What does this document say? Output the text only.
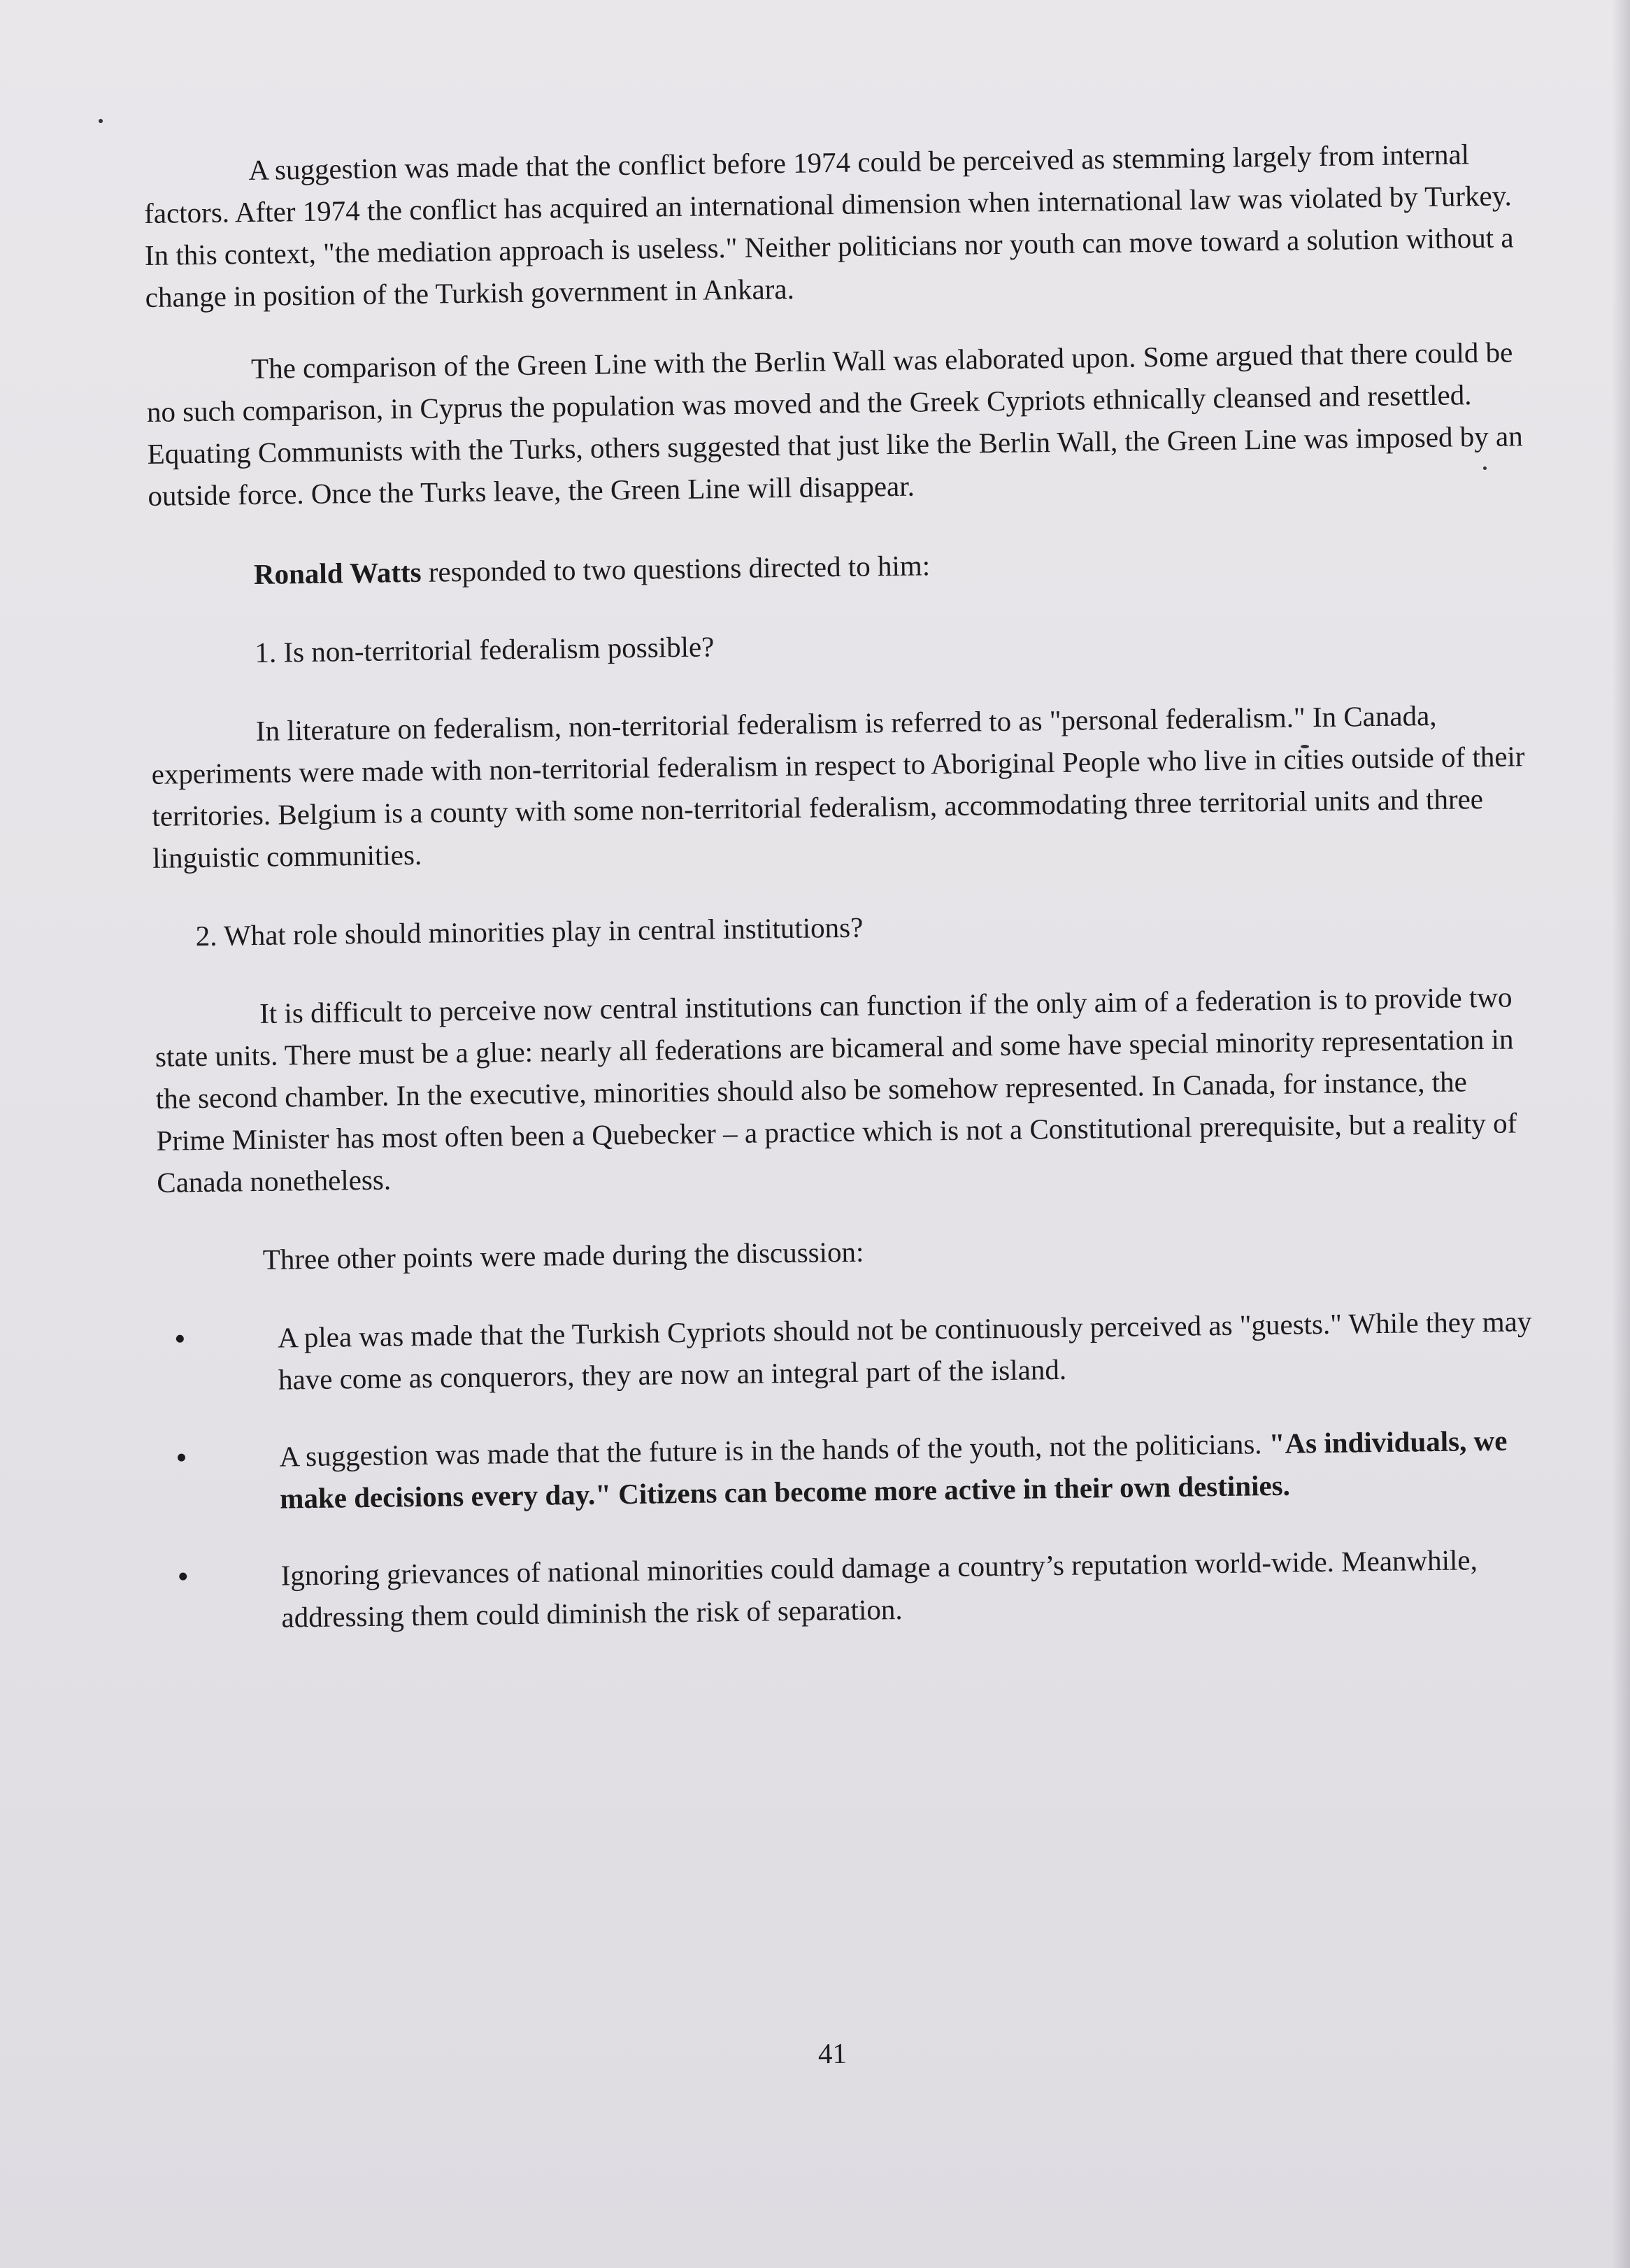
A suggestion was made that the conflict before 1974 could be perceived as stemming largely from internal factors. After 1974 the conflict has acquired an international dimension when international law was violated by Turkey. In this context, "the mediation approach is useless." Neither politicians nor youth can move toward a solution without a change in position of the Turkish government in Ankara.

The comparison of the Green Line with the Berlin Wall was elaborated upon. Some argued that there could be no such comparison, in Cyprus the population was moved and the Greek Cypriots ethnically cleansed and resettled. Equating Communists with the Turks, others suggested that just like the Berlin Wall, the Green Line was imposed by an outside force. Once the Turks leave, the Green Line will disappear.

Ronald Watts responded to two questions directed to him:

1. Is non-territorial federalism possible?

In literature on federalism, non-territorial federalism is referred to as "personal federalism." In Canada, experiments were made with non-territorial federalism in respect to Aboriginal People who live in cities outside of their territories. Belgium is a county with some non-territorial federalism, accommodating three territorial units and three linguistic communities.

2. What role should minorities play in central institutions?

It is difficult to perceive now central institutions can function if the only aim of a federation is to provide two state units. There must be a glue: nearly all federations are bicameral and some have special minority representation in the second chamber. In the executive, minorities should also be somehow represented. In Canada, for instance, the Prime Minister has most often been a Quebecker – a practice which is not a Constitutional prerequisite, but a reality of Canada nonetheless.

Three other points were made during the discussion:

•	A plea was made that the Turkish Cypriots should not be continuously perceived as "guests." While they may have come as conquerors, they are now an integral part of the island.
•	A suggestion was made that the future is in the hands of the youth, not the politicians. "As individuals, we make decisions every day." Citizens can become more active in their own destinies.
•	Ignoring grievances of national minorities could damage a country’s reputation world-wide. Meanwhile, addressing them could diminish the risk of separation.
41
